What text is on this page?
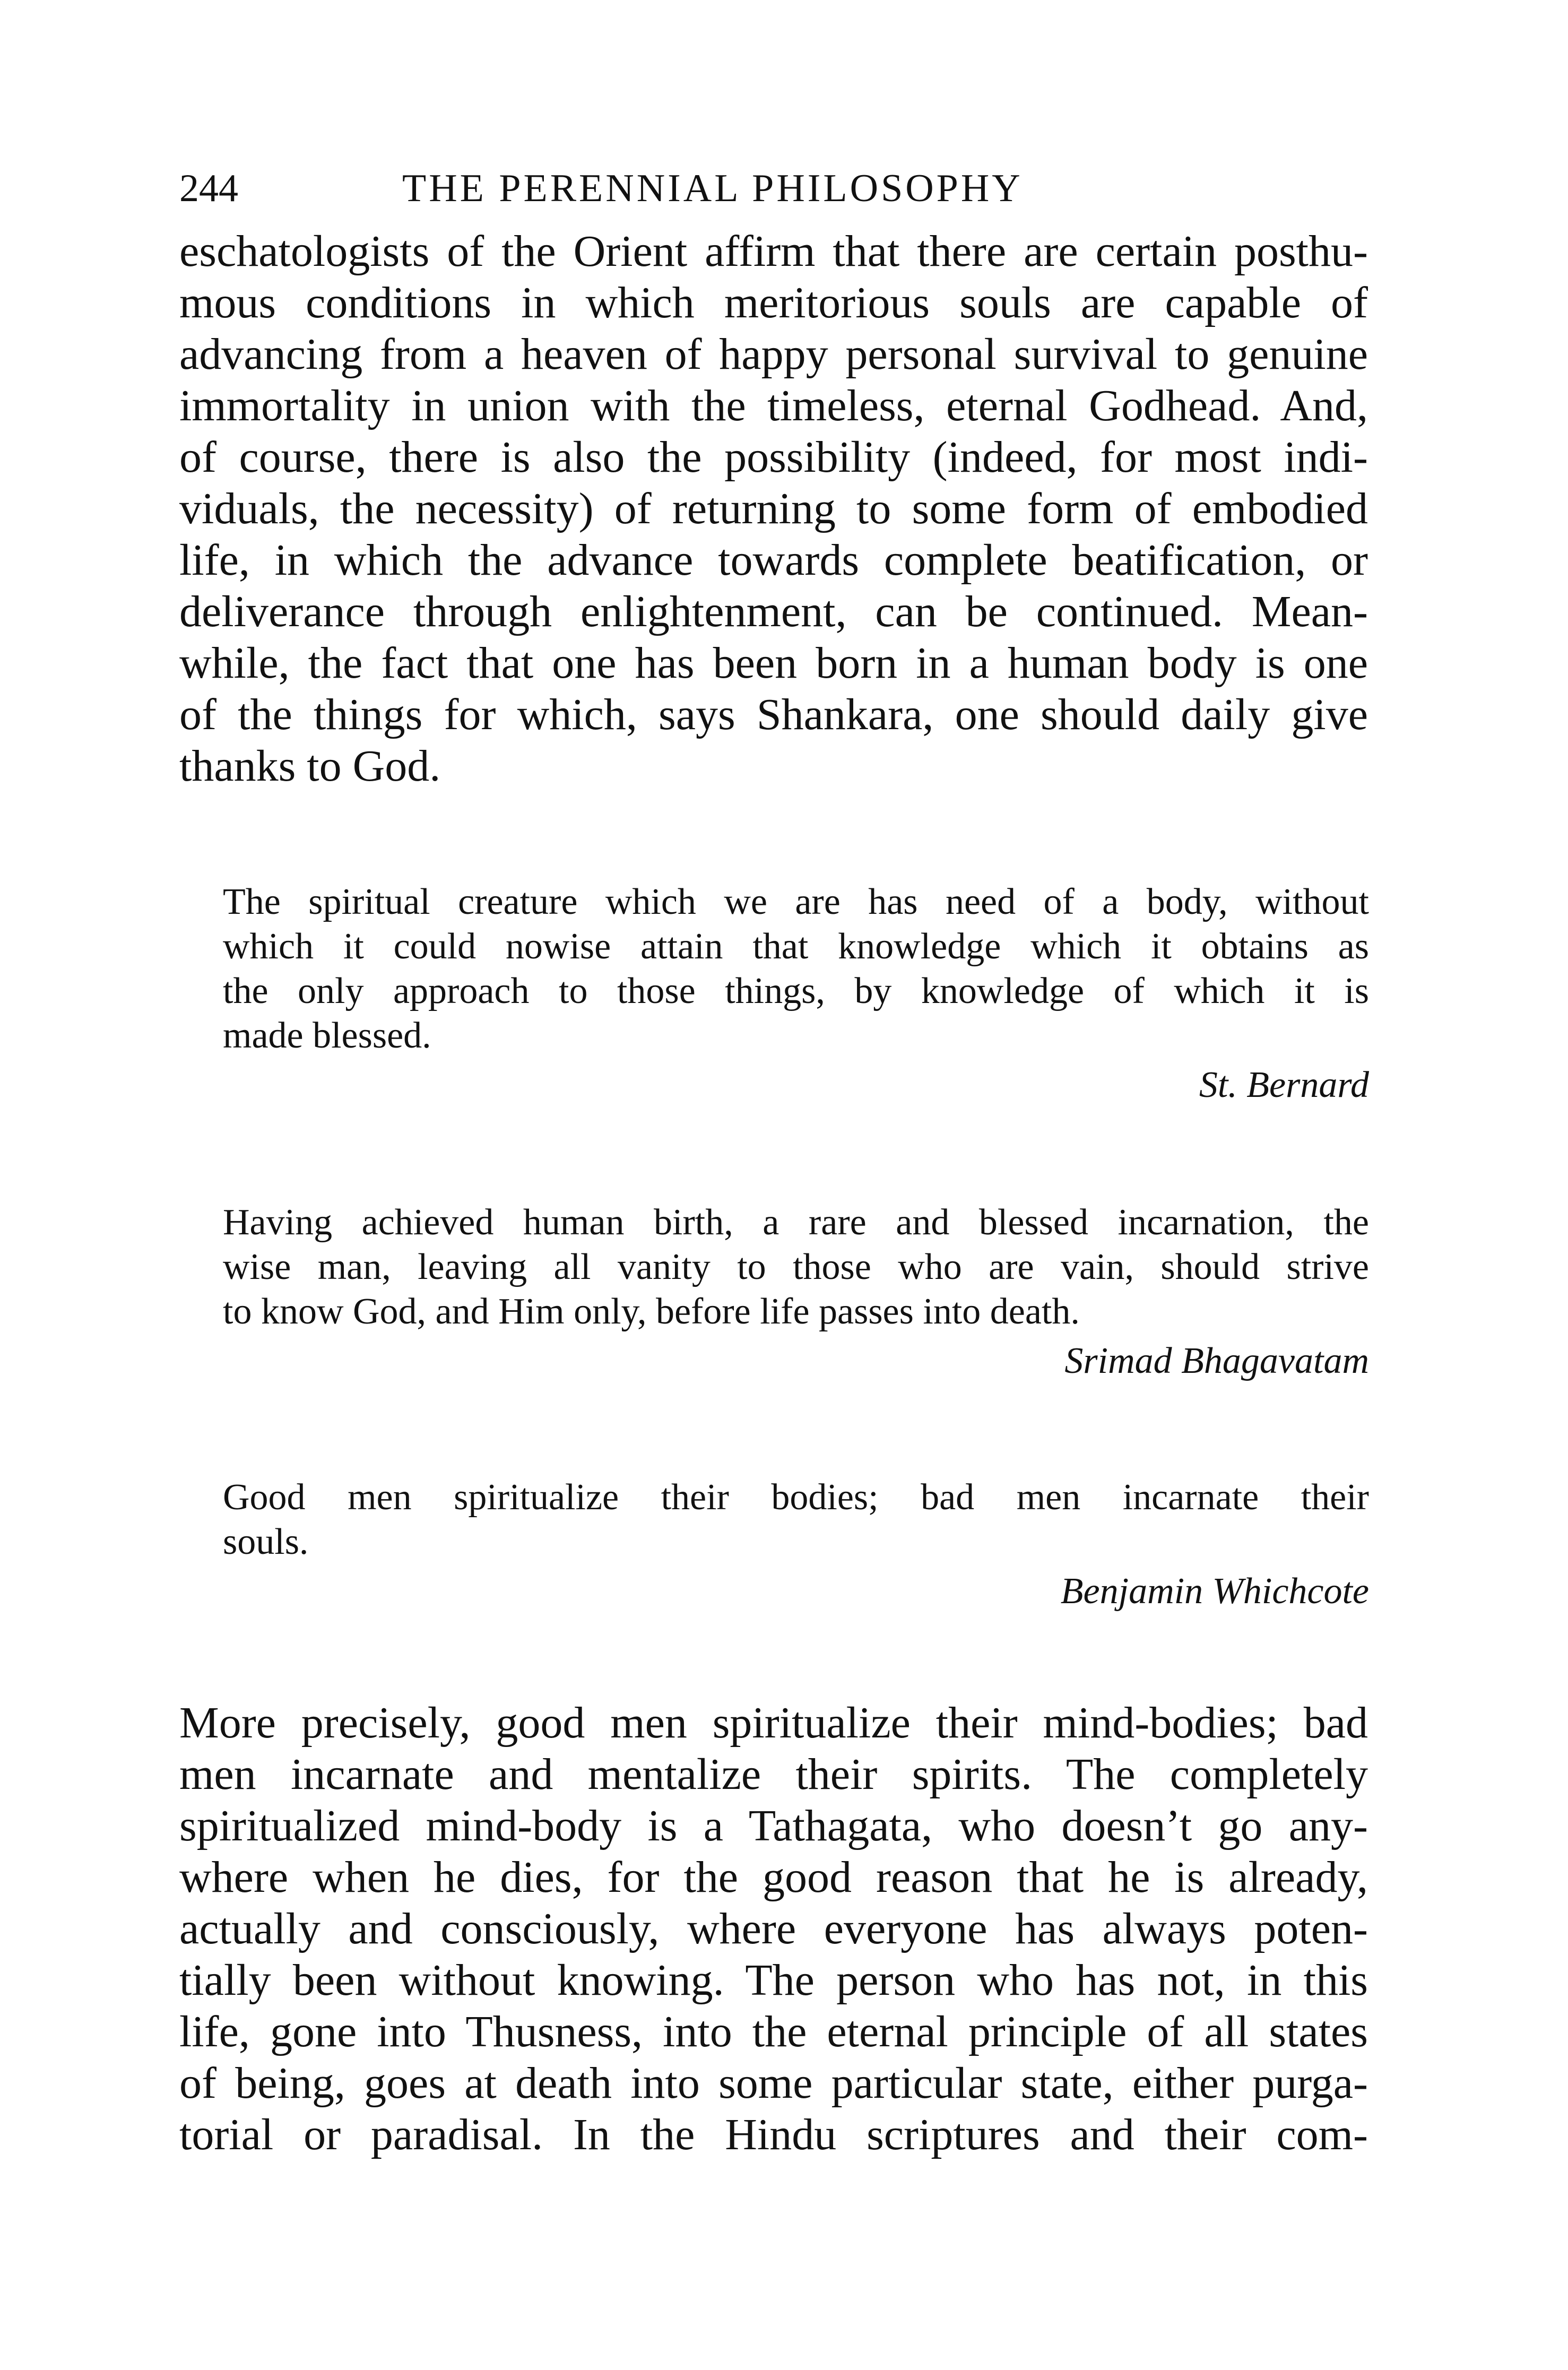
244	THE PERENNIAL PHILOSOPHY
eschatologists of the Orient affirm that there are certain posthu-
mous conditions in which meritorious souls are capable of
advancing from a heaven of happy personal survival to genuine
immortality in union with the timeless, eternal Godhead. And,
of course, there is also the possibility (indeed, for most indi-
viduals, the necessity) of returning to some form of embodied
life, in which the advance towards complete beatification, or
deliverance through enlightenment, can be continued. Mean-
while, the fact that one has been born in a human body is one
of the things for which, says Shankara, one should daily give
thanks to God.
The spiritual creature which we are has need of a body, without
which it could nowise attain that knowledge which it obtains as
the only approach to those things, by knowledge of which it is
made blessed.
St. Bernard
Having achieved human birth, a rare and blessed incarnation, the
wise man, leaving all vanity to those who are vain, should strive
to know God, and Him only, before life passes into death.
Srimad Bhagavatam
Good men spiritualize their bodies; bad men incarnate their
souls.
Benjamin Whichcote
More precisely, good men spiritualize their mind-bodies; bad
men incarnate and mentalize their spirits. The completely
spiritualized mind-body is a Tathagata, who doesn’t go any-
where when he dies, for the good reason that he is already,
actually and consciously, where everyone has always poten-
tially been without knowing. The person who has not, in this
life, gone into Thusness, into the eternal principle of all states
of being, goes at death into some particular state, either purga-
torial or paradisal. In the Hindu scriptures and their com-
